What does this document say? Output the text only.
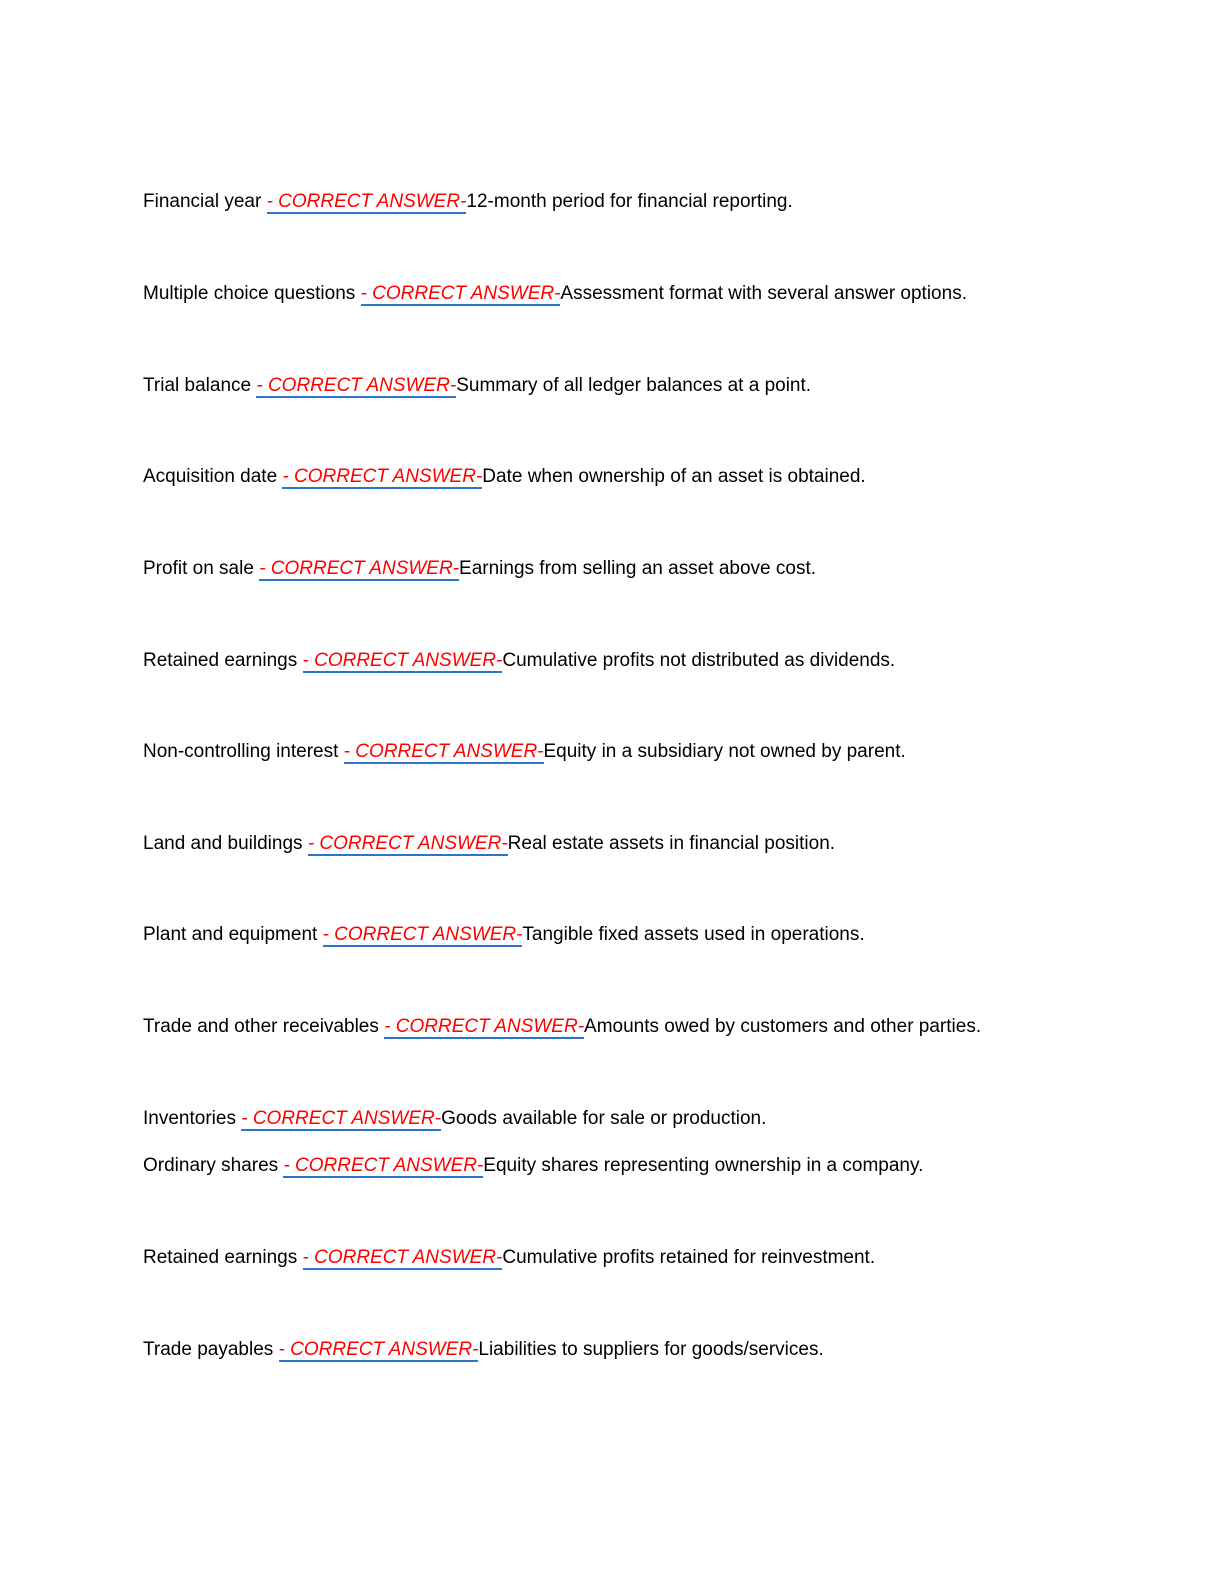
Financial year - CORRECT ANSWER-12-month period for financial reporting.
Multiple choice questions - CORRECT ANSWER-Assessment format with several answer options.
Trial balance - CORRECT ANSWER-Summary of all ledger balances at a point.
Acquisition date - CORRECT ANSWER-Date when ownership of an asset is obtained.
Profit on sale - CORRECT ANSWER-Earnings from selling an asset above cost.
Retained earnings - CORRECT ANSWER-Cumulative profits not distributed as dividends.
Non-controlling interest - CORRECT ANSWER-Equity in a subsidiary not owned by parent.
Land and buildings - CORRECT ANSWER-Real estate assets in financial position.
Plant and equipment - CORRECT ANSWER-Tangible fixed assets used in operations.
Trade and other receivables - CORRECT ANSWER-Amounts owed by customers and other parties.
Inventories - CORRECT ANSWER-Goods available for sale or production.
Ordinary shares - CORRECT ANSWER-Equity shares representing ownership in a company.
Retained earnings - CORRECT ANSWER-Cumulative profits retained for reinvestment.
Trade payables - CORRECT ANSWER-Liabilities to suppliers for goods/services.
